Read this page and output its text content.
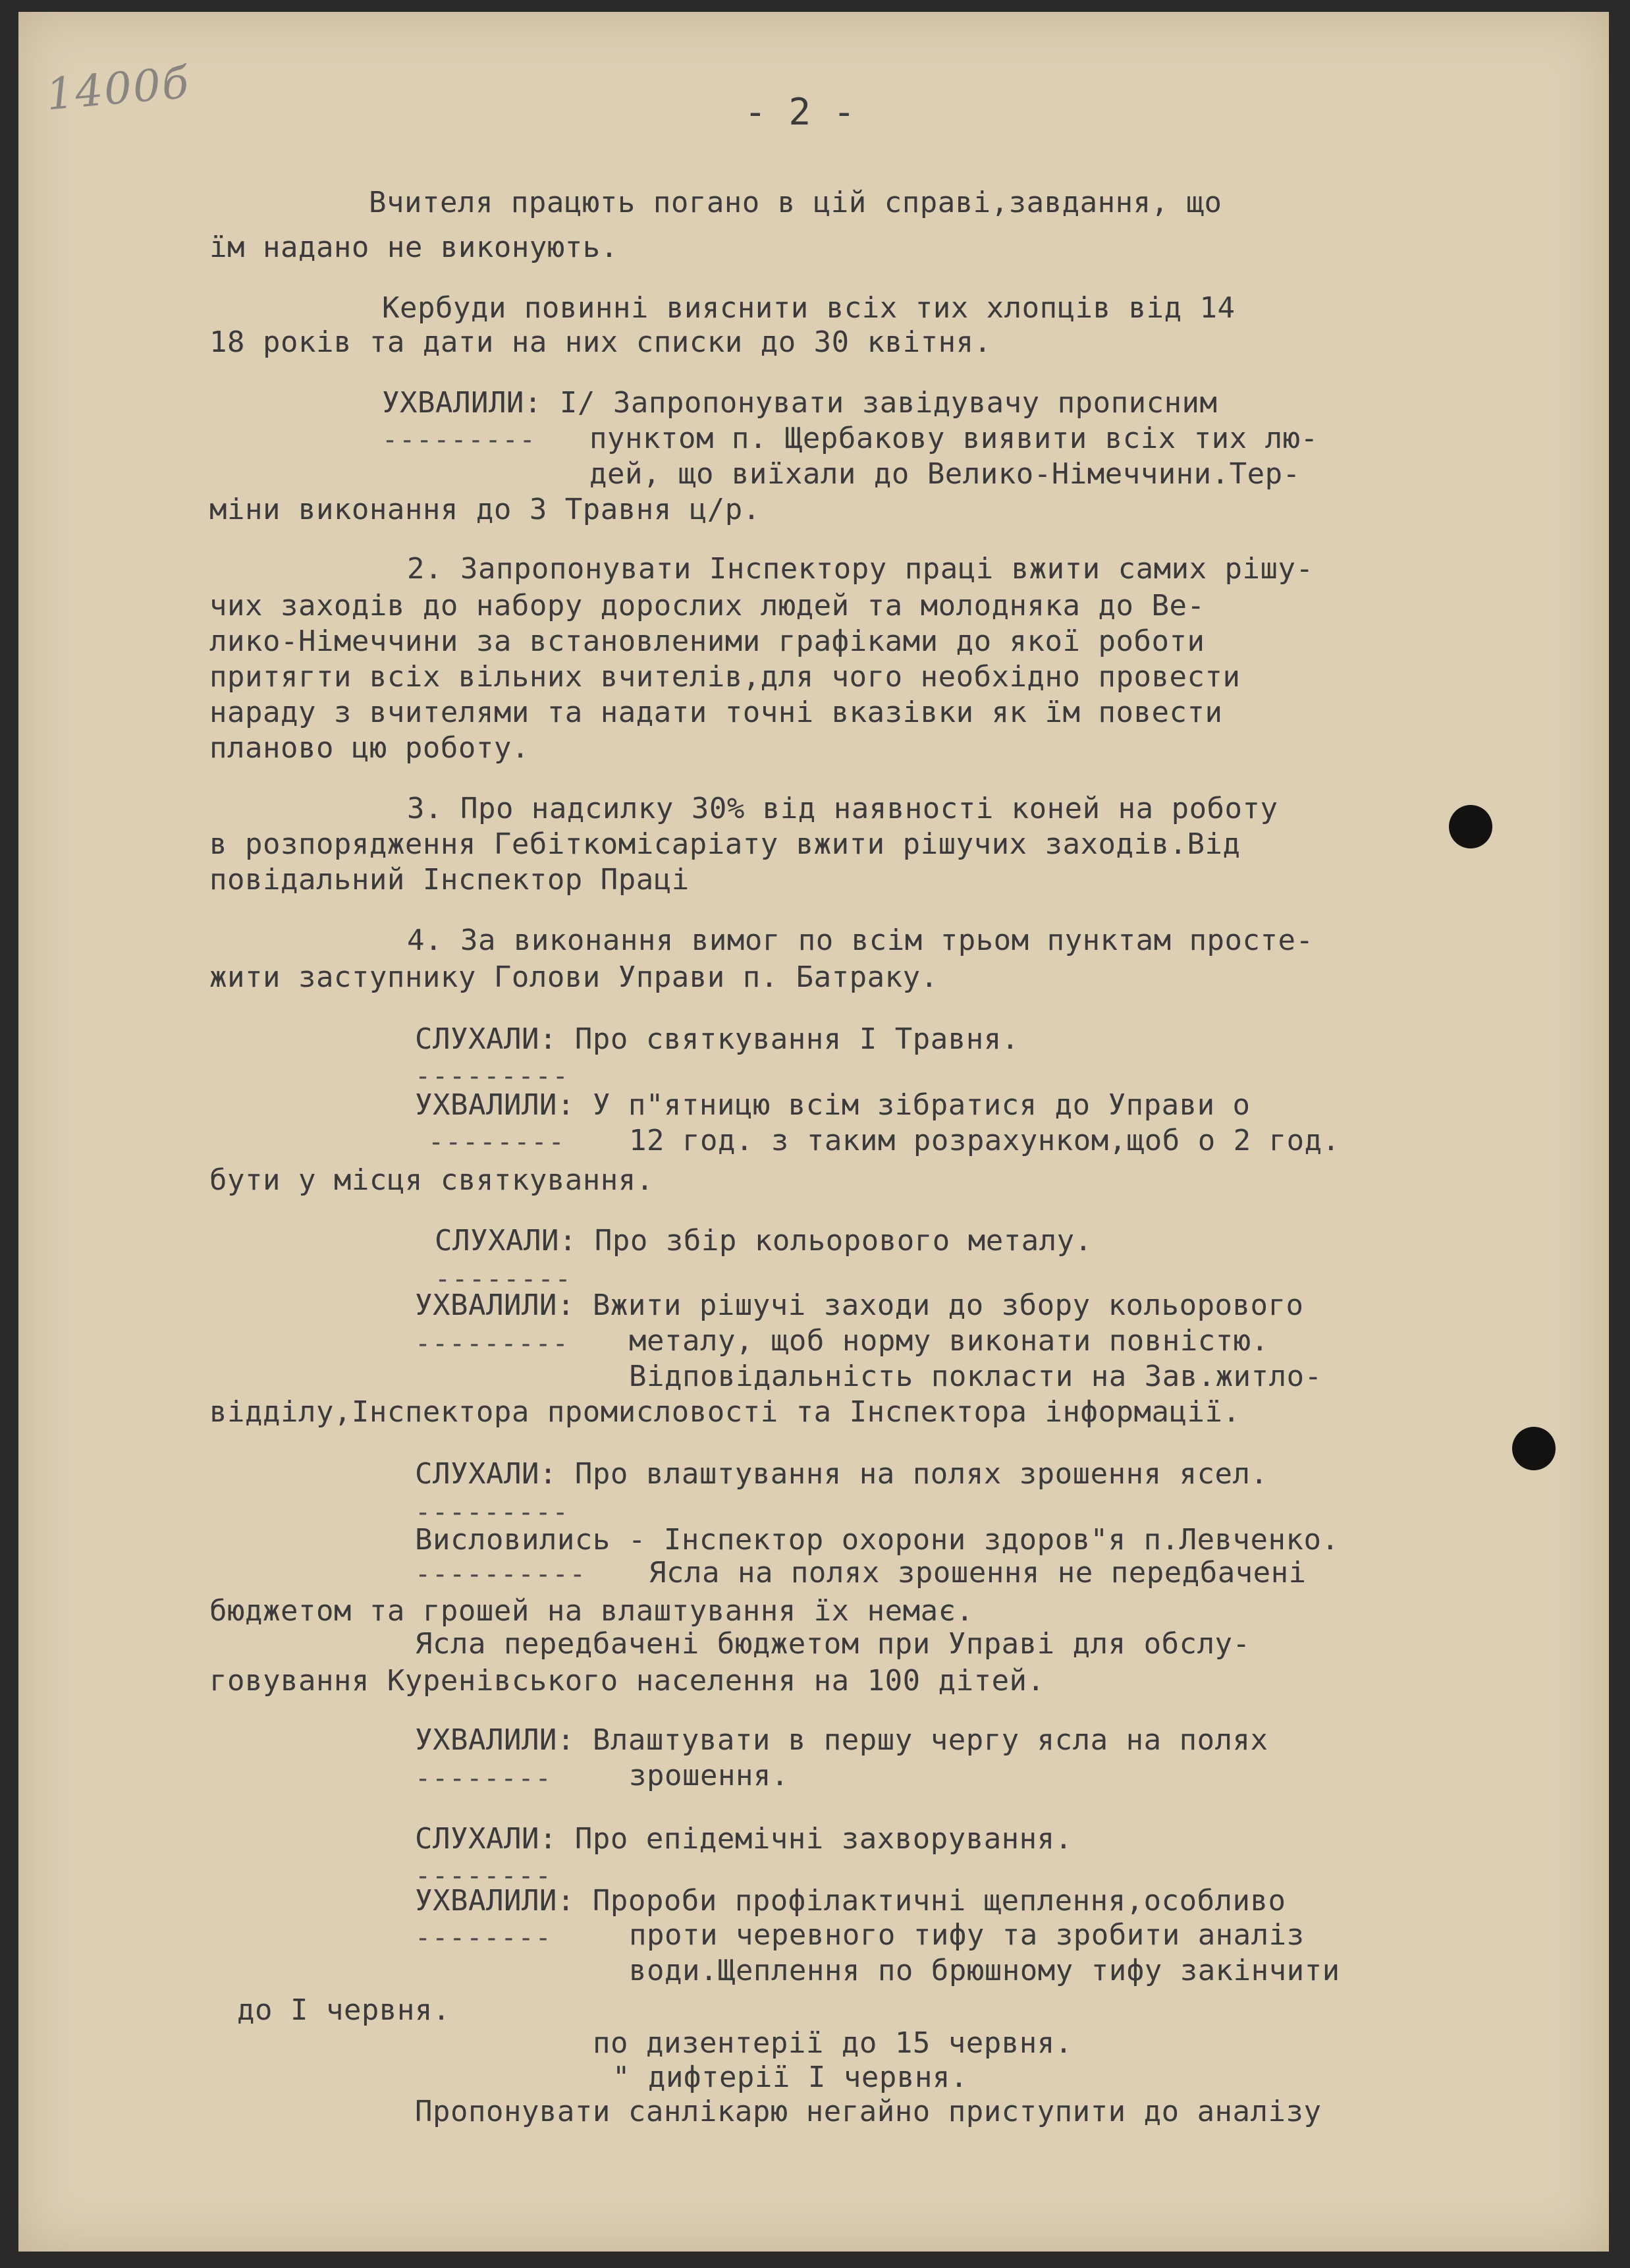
1400б	- 2 -
Вчителя працють погано в цій справі,завдання, що
їм надано не виконують.
Кербуди повинні вияснити всіх тих хлопців від 14
18 років та дати на них списки до 30 квітня.
УХВАЛИЛИ: I/ Запропонувати завідувачу прописним
--------- пунктом п. Щербакову виявити всіх тих лю-
дей, що виїхали до Велико-Німеччини.Тер-
міни виконання до 3 Травня ц/р.
2. Запропонувати Інспектору праці вжити самих рішу-
чих заходів до набору дорослих людей та молодняка до Ве-
лико-Німеччини за встановленими графіками до якої роботи
притягти всіх вільних вчителів,для чого необхідно провести
нараду з вчителями та надати точні вказівки як їм повести
планово цю роботу.
3. Про надсилку 30% від наявності коней на роботу
в розпорядження Гебіткомісаріату вжити рішучих заходів.Від
повідальний Інспектор Праці
4. За виконання вимог по всім трьом пунктам просте-
жити заступнику Голови Управи п. Батраку.
СЛУХАЛИ: Про святкування I Травня.
---------
УХВАЛИЛИ: У п"ятницю всім зібратися до Управи о
-------- 12 год. з таким розрахунком,щоб о 2 год.
бути у місця святкування.
СЛУХАЛИ: Про збір кольорового металу.
--------
УХВАЛИЛИ: Вжити рішучі заходи до збору кольорового
--------- металу, щоб норму виконати повністю.
Відповідальність покласти на Зав.житло-
відділу,Інспектора промисловості та Інспектора інформації.
СЛУХАЛИ: Про влаштування на полях зрошення ясел.
---------
Висловились - Інспектор охорони здоров"я п.Левченко.
---------- Ясла на полях зрошення не передбачені
бюджетом та грошей на влаштування їх немає.
Ясла передбачені бюджетом при Управі для обслу-
говування Куренівського населення на 100 дітей.
УХВАЛИЛИ: Влаштувати в першу чергу ясла на полях
--------	зрошення.
СЛУХАЛИ: Про епідемічні захворування.
--------
УХВАЛИЛИ: Пророби профілактичні щеплення,особливо
--------	проти черевного тифу та зробити аналіз
води.Щеплення по брюшному тифу закінчити
до I червня.
по дизентерії до 15 червня.
" дифтерії I червня.
Пропонувати санлікарю негайно приступити до аналізу
